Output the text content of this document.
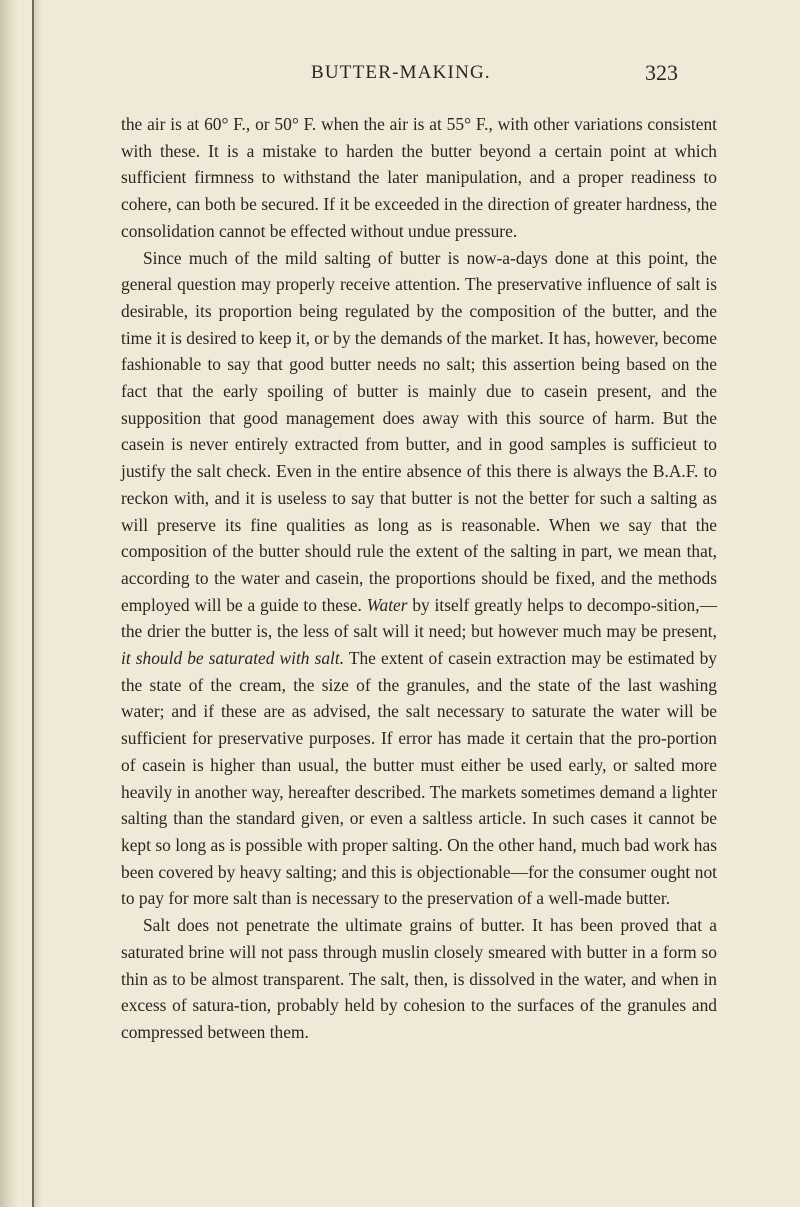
BUTTER-MAKING.	323

the air is at 60° F., or 50° F. when the air is at 55° F., with other variations consistent with these. It is a mistake to harden the butter beyond a certain point at which sufficient firmness to withstand the later manipulation, and a proper readiness to cohere, can both be secured. If it be exceeded in the direction of greater hardness, the consolidation cannot be effected without undue pressure.

Since much of the mild salting of butter is now-a-days done at this point, the general question may properly receive attention. The preservative influence of salt is desirable, its proportion being regulated by the composition of the butter, and the time it is desired to keep it, or by the demands of the market. It has, however, become fashionable to say that good butter needs no salt; this assertion being based on the fact that the early spoiling of butter is mainly due to casein present, and the supposition that good management does away with this source of harm. But the casein is never entirely extracted from butter, and in good samples is sufficieut to justify the salt check. Even in the entire absence of this there is always the B.A.F. to reckon with, and it is useless to say that butter is not the better for such a salting as will preserve its fine qualities as long as is reasonable. When we say that the composition of the butter should rule the extent of the salting in part, we mean that, according to the water and casein, the proportions should be fixed, and the methods employed will be a guide to these. Water by itself greatly helps to decompo-sition,—the drier the butter is, the less of salt will it need; but however much may be present, it should be saturated with salt. The extent of casein extraction may be estimated by the state of the cream, the size of the granules, and the state of the last washing water; and if these are as advised, the salt necessary to saturate the water will be sufficient for preservative purposes. If error has made it certain that the pro-portion of casein is higher than usual, the butter must either be used early, or salted more heavily in another way, hereafter described. The markets sometimes demand a lighter salting than the standard given, or even a saltless article. In such cases it cannot be kept so long as is possible with proper salting. On the other hand, much bad work has been covered by heavy salting; and this is objectionable—for the consumer ought not to pay for more salt than is necessary to the preservation of a well-made butter.

Salt does not penetrate the ultimate grains of butter. It has been proved that a saturated brine will not pass through muslin closely smeared with butter in a form so thin as to be almost transparent. The salt, then, is dissolved in the water, and when in excess of satura-tion, probably held by cohesion to the surfaces of the granules and compressed between them.
